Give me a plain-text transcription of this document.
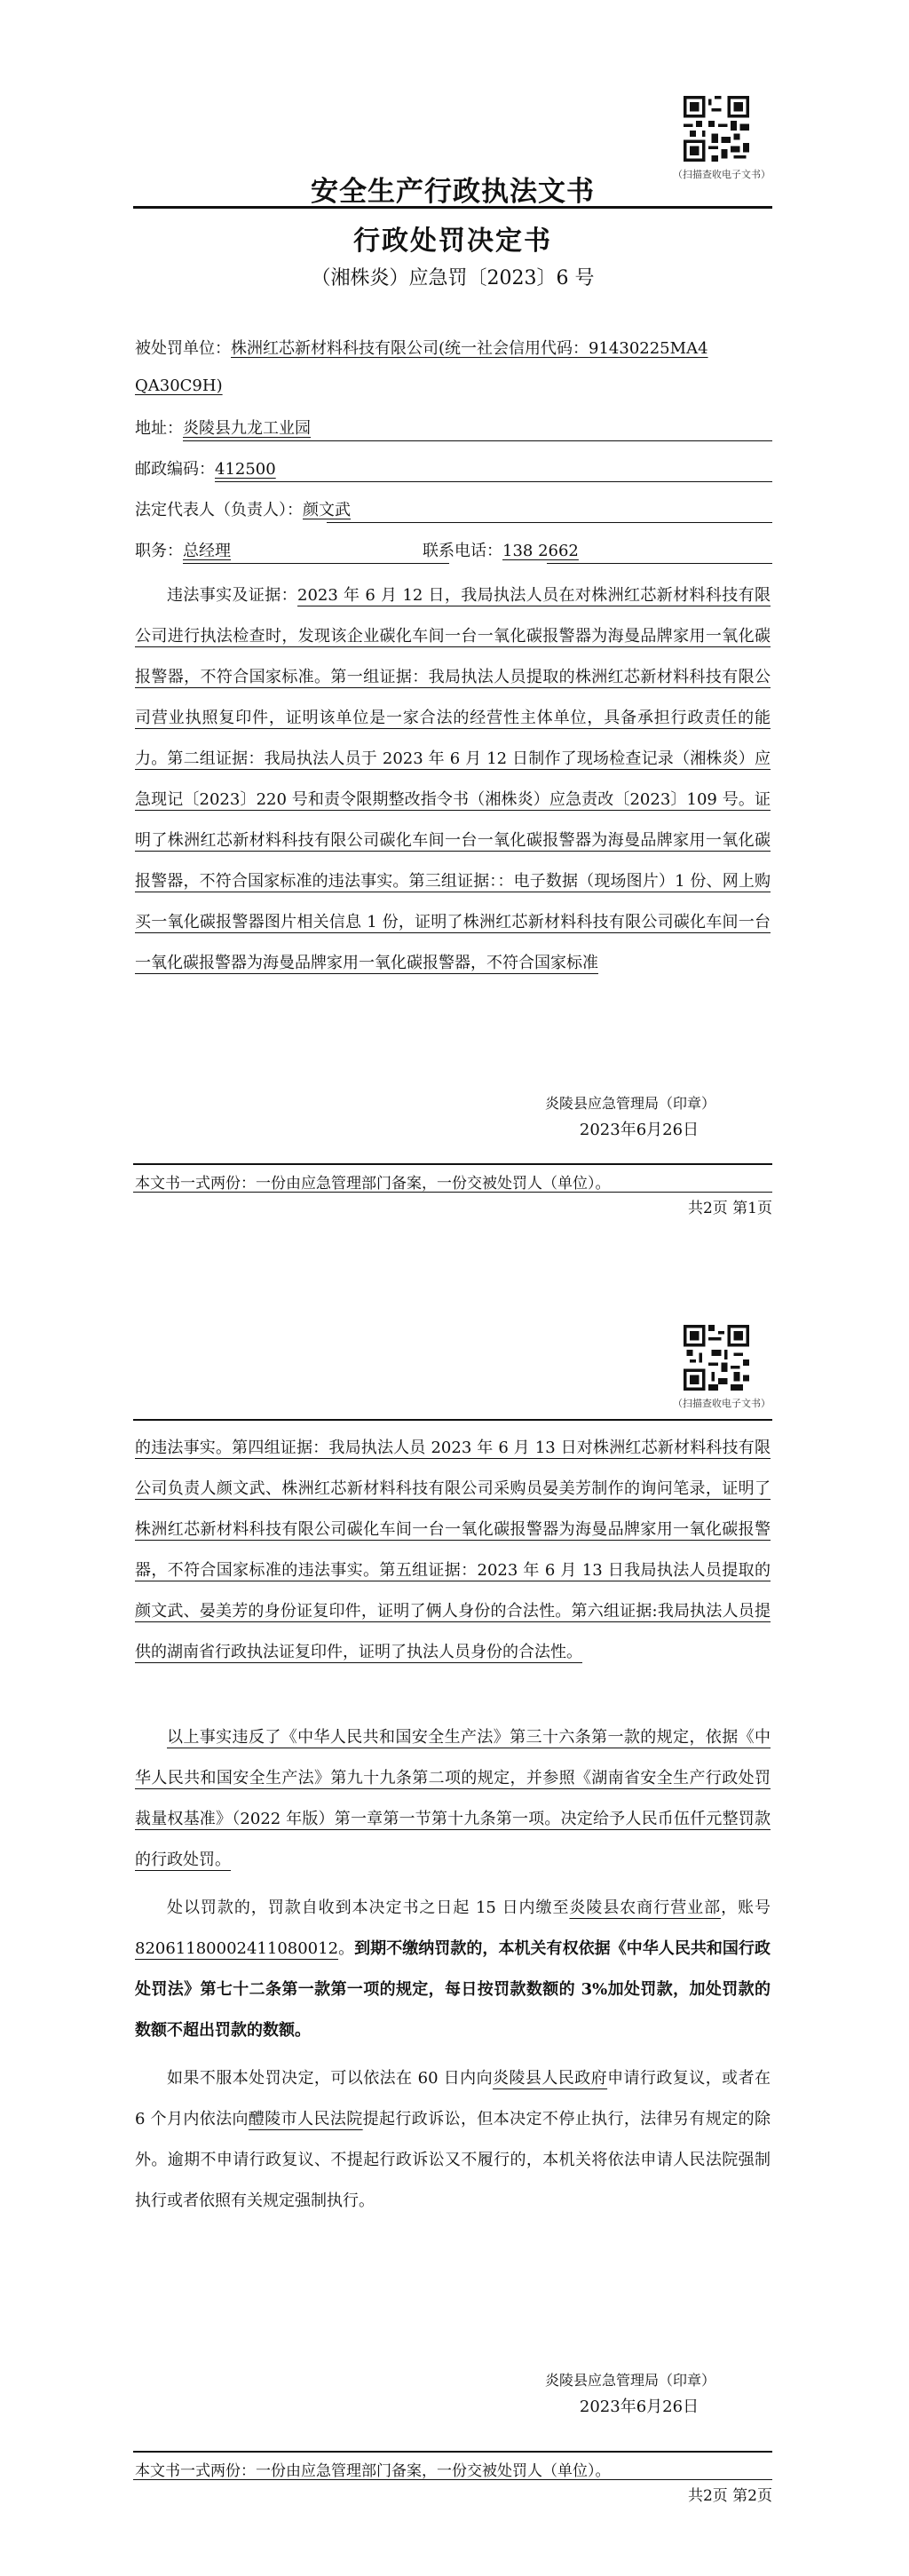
（扫描查收电子文书）
安全生产行政执法文书
行政处罚决定书
（湘株炎）应急罚〔2023〕6 号
被处罚单位：株洲红芯新材料科技有限公司(统一社会信用代码：91430225MA4
QA30C9H)
地址：炎陵县九龙工业园
邮政编码：412500
法定代表人（负责人）：颜文武
职务：总经理	联系电话：138 2662
违法事实及证据：2023 年 6 月 12 日，我局执法人员在对株洲红芯新材料科技有限公司进行执法检查时，发现该企业碳化车间一台一氧化碳报警器为海曼品牌家用一氧化碳报警器，不符合国家标准。第一组证据：我局执法人员提取的株洲红芯新材料科技有限公司营业执照复印件，证明该单位是一家合法的经营性主体单位，具备承担行政责任的能力。第二组证据：我局执法人员于 2023 年 6 月 12 日制作了现场检查记录（湘株炎）应急现记〔2023〕220 号和责令限期整改指令书（湘株炎）应急责改〔2023〕109 号。证明了株洲红芯新材料科技有限公司碳化车间一台一氧化碳报警器为海曼品牌家用一氧化碳报警器，不符合国家标准的违法事实。第三组证据：：电子数据（现场图片）1 份、网上购买一氧化碳报警器图片相关信息 1 份，证明了株洲红芯新材料科技有限公司碳化车间一台一氧化碳报警器为海曼品牌家用一氧化碳报警器，不符合国家标准
炎陵县应急管理局（印章）
2023年6月26日
本文书一式两份：一份由应急管理部门备案，一份交被处罚人（单位）。
共2页 第1页
（扫描查收电子文书）
的违法事实。第四组证据：我局执法人员 2023 年 6 月 13 日对株洲红芯新材料科技有限公司负责人颜文武、株洲红芯新材料科技有限公司采购员晏美芳制作的询问笔录，证明了株洲红芯新材料科技有限公司碳化车间一台一氧化碳报警器为海曼品牌家用一氧化碳报警器，不符合国家标准的违法事实。第五组证据：2023 年 6 月 13 日我局执法人员提取的颜文武、晏美芳的身份证复印件，证明了俩人身份的合法性。第六组证据:我局执法人员提供的湖南省行政执法证复印件，证明了执法人员身份的合法性。
以上事实违反了《中华人民共和国安全生产法》第三十六条第一款的规定，依据《中华人民共和国安全生产法》第九十九条第二项的规定，并参照《湖南省安全生产行政处罚裁量权基准》（2022 年版）第一章第一节第十九条第一项。决定给予人民币伍仟元整罚款的行政处罚。
处以罚款的，罚款自收到本决定书之日起 15 日内缴至炎陵县农商行营业部，账号82061180002411080012。到期不缴纳罚款的，本机关有权依据《中华人民共和国行政处罚法》第七十二条第一款第一项的规定，每日按罚款数额的 3%加处罚款，加处罚款的数额不超出罚款的数额。
如果不服本处罚决定，可以依法在 60 日内向炎陵县人民政府申请行政复议，或者在 6 个月内依法向醴陵市人民法院提起行政诉讼，但本决定不停止执行，法律另有规定的除外。逾期不申请行政复议、不提起行政诉讼又不履行的，本机关将依法申请人民法院强制执行或者依照有关规定强制执行。
炎陵县应急管理局（印章）
2023年6月26日
本文书一式两份：一份由应急管理部门备案，一份交被处罚人（单位）。
共2页 第2页
